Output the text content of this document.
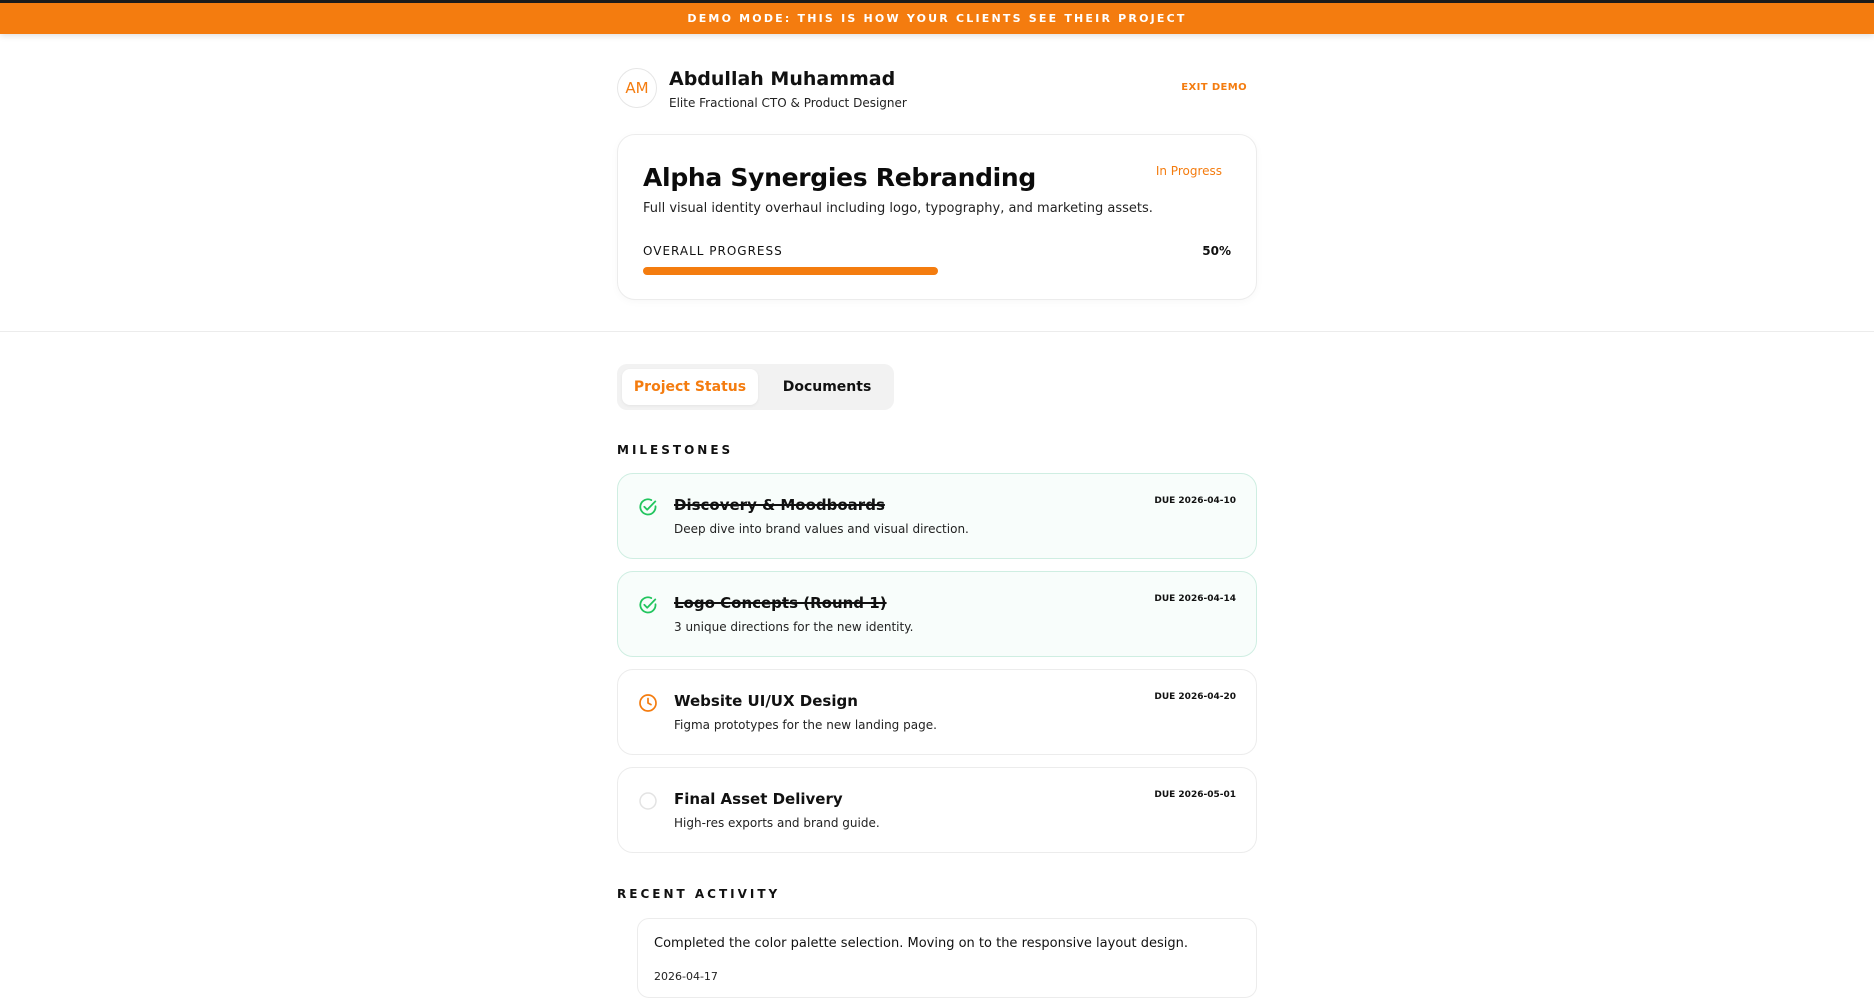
DEMO MODE: THIS IS HOW YOUR CLIENTS SEE THEIR PROJECT
AM Abdullah Muhammad
Elite Fractional CTO & Product Designer
EXIT DEMO
Alpha Synergies Rebranding	In Progress
Full visual identity overhaul including logo, typography, and marketing assets.
OVERALL PROGRESS	50%
Project Status	Documents
MILESTONES
Discovery & Moodboards
Deep dive into brand values and visual direction.
DUE 2026-04-10
Logo Concepts (Round 1)
3 unique directions for the new identity.
DUE 2026-04-14
Website UI/UX Design
Figma prototypes for the new landing page.
DUE 2026-04-20
Final Asset Delivery
High-res exports and brand guide.
DUE 2026-05-01
RECENT ACTIVITY
Completed the color palette selection. Moving on to the responsive layout design.
2026-04-17
